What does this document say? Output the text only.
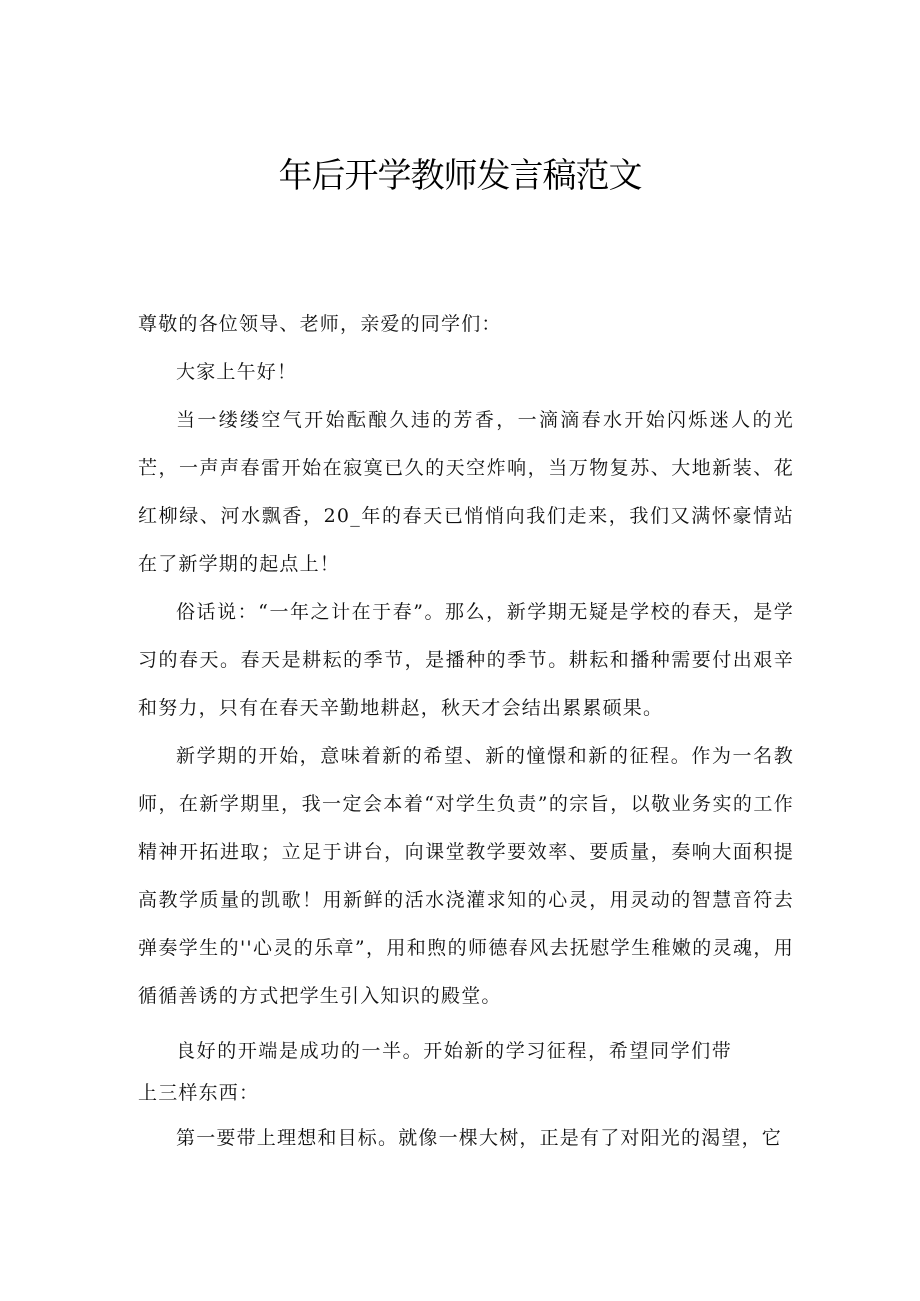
年后开学教师发言稿范文

尊敬的各位领导、老师，亲爱的同学们：

大家上午好！

当一缕缕空气开始酝酿久违的芳香，一滴滴春水开始闪烁迷人的光芒，一声声春雷开始在寂寞已久的天空炸响，当万物复苏、大地新装、花红柳绿、河水飘香，20_年的春天已悄悄向我们走来，我们又满怀豪情站在了新学期的起点上！

俗话说：“一年之计在于春”。那么，新学期无疑是学校的春天，是学习的春天。春天是耕耘的季节，是播种的季节。耕耘和播种需要付出艰辛和努力，只有在春天辛勤地耕赵，秋天才会结出累累硕果。

新学期的开始，意味着新的希望、新的憧憬和新的征程。作为一名教师，在新学期里，我一定会本着“对学生负责”的宗旨，以敬业务实的工作精神开拓进取；立足于讲台，向课堂教学要效率、要质量，奏响大面积提高教学质量的凯歌！用新鲜的活水浇灌求知的心灵，用灵动的智慧音符去弹奏学生的''心灵的乐章”，用和煦的师德春风去抚慰学生稚嫩的灵魂，用循循善诱的方式把学生引入知识的殿堂。

良好的开端是成功的一半。开始新的学习征程，希望同学们带上三样东西：

第一要带上理想和目标。就像一棵大树，正是有了对阳光的渴望，它
